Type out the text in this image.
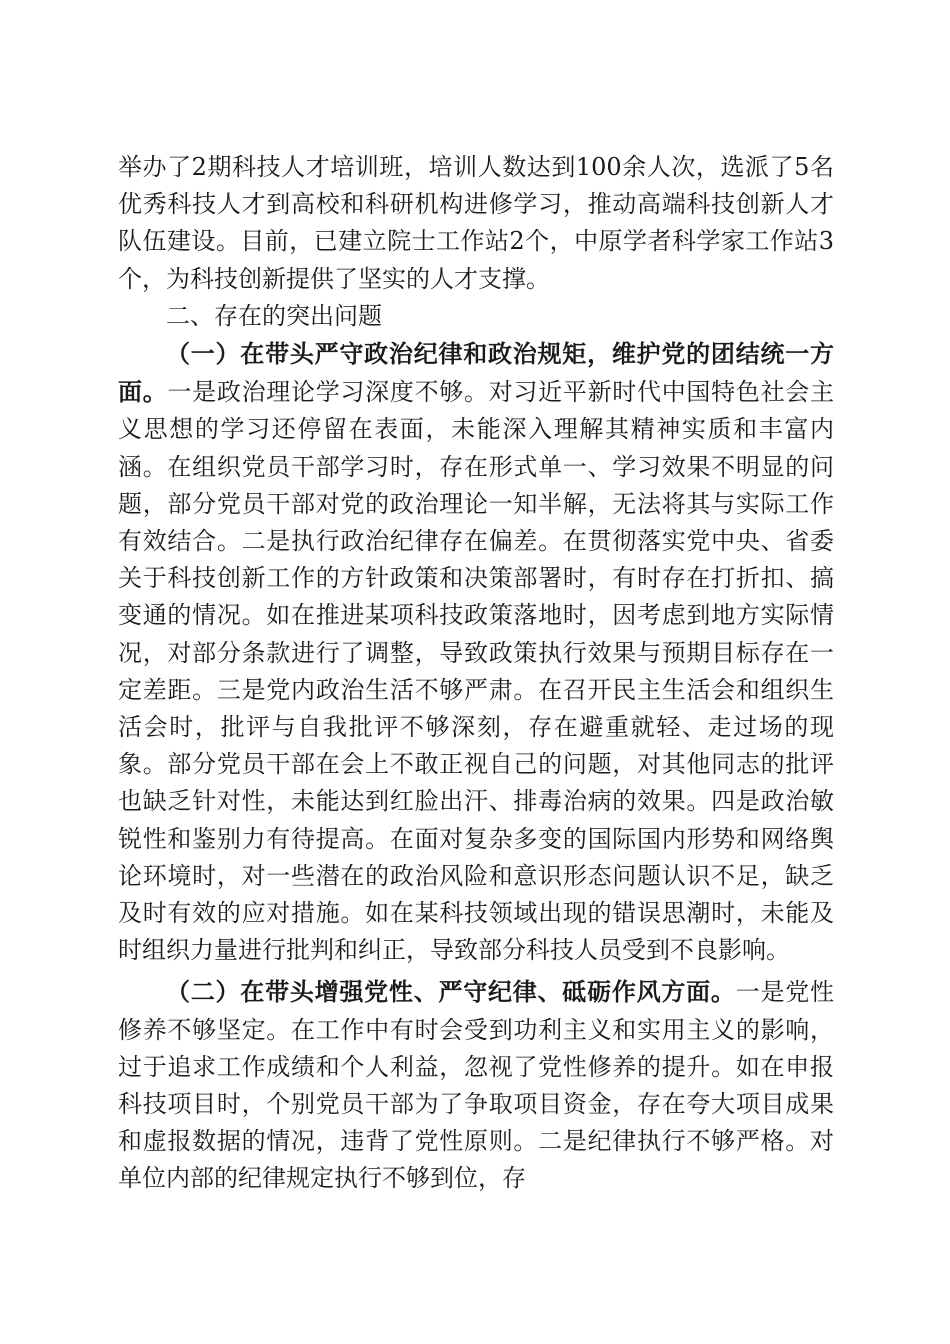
举办了2期科技人才培训班，培训人数达到100余人次，选派了5名优秀科技人才到高校和科研机构进修学习，推动高端科技创新人才队伍建设。目前，已建立院士工作站2个，中原学者科学家工作站3个，为科技创新提供了坚实的人才支撑。

二、存在的突出问题

（一）在带头严守政治纪律和政治规矩，维护党的团结统一方面。一是政治理论学习深度不够。对习近平新时代中国特色社会主义思想的学习还停留在表面，未能深入理解其精神实质和丰富内涵。在组织党员干部学习时，存在形式单一、学习效果不明显的问题，部分党员干部对党的政治理论一知半解，无法将其与实际工作有效结合。二是执行政治纪律存在偏差。在贯彻落实党中央、省委关于科技创新工作的方针政策和决策部署时，有时存在打折扣、搞变通的情况。如在推进某项科技政策落地时，因考虑到地方实际情况，对部分条款进行了调整，导致政策执行效果与预期目标存在一定差距。三是党内政治生活不够严肃。在召开民主生活会和组织生活会时，批评与自我批评不够深刻，存在避重就轻、走过场的现象。部分党员干部在会上不敢正视自己的问题，对其他同志的批评也缺乏针对性，未能达到红脸出汗、排毒治病的效果。四是政治敏锐性和鉴别力有待提高。在面对复杂多变的国际国内形势和网络舆论环境时，对一些潜在的政治风险和意识形态问题认识不足，缺乏及时有效的应对措施。如在某科技领域出现的错误思潮时，未能及时组织力量进行批判和纠正，导致部分科技人员受到不良影响。

（二）在带头增强党性、严守纪律、砥砺作风方面。一是党性修养不够坚定。在工作中有时会受到功利主义和实用主义的影响，过于追求工作成绩和个人利益，忽视了党性修养的提升。如在申报科技项目时，个别党员干部为了争取项目资金，存在夸大项目成果和虚报数据的情况，违背了党性原则。二是纪律执行不够严格。对单位内部的纪律规定执行不够到位，存
